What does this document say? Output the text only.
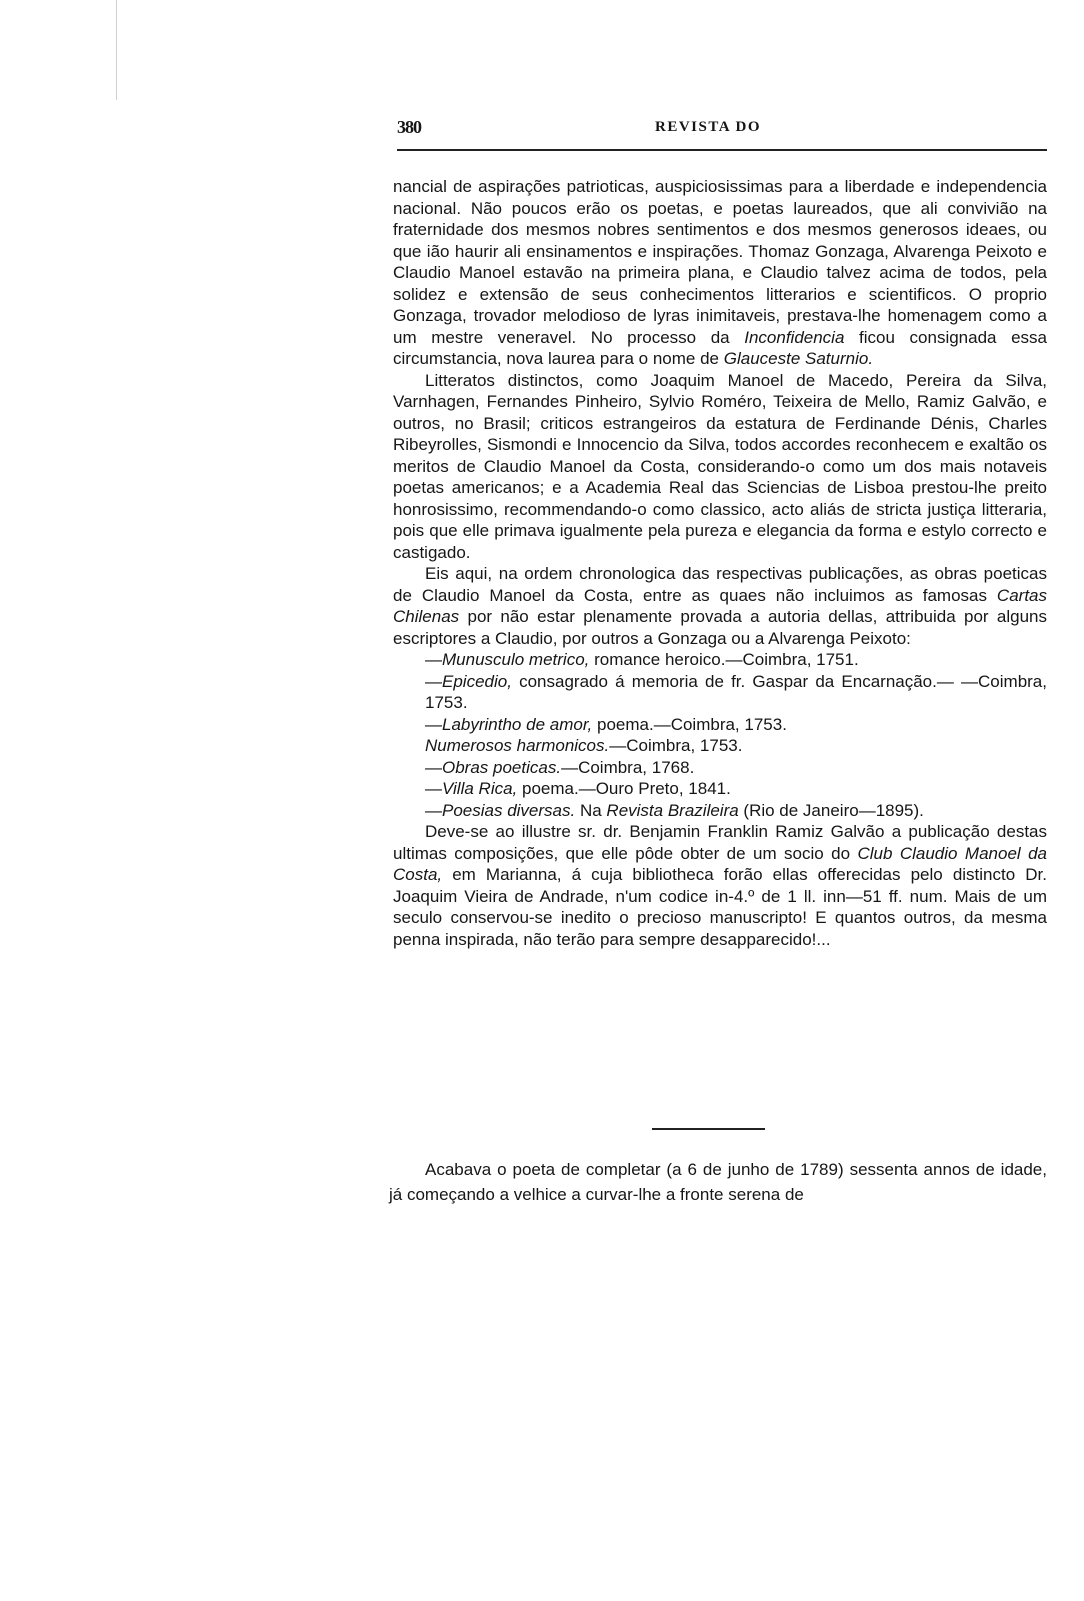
380	REVISTA DO

nancial de aspirações patrioticas, auspiciosissimas para a liberdade e independencia nacional. Não poucos erão os poetas, e poetas laureados, que ali convivião na fraternidade dos mesmos nobres sentimentos e dos mesmos generosos ideaes, ou que ião haurir ali ensinamentos e inspirações. Thomaz Gonzaga, Alvarenga Peixoto e Claudio Manoel estavão na primeira plana, e Claudio talvez acima de todos, pela solidez e extensão de seus conhecimentos litterarios e scientificos. O proprio Gonzaga, trovador melodioso de lyras inimitaveis, prestava-lhe homenagem como a um mestre veneravel. No processo da Inconfidencia ficou consignada essa circumstancia, nova laurea para o nome de Glauceste Saturnio.

Litteratos distinctos, como Joaquim Manoel de Macedo, Pereira da Silva, Varnhagen, Fernandes Pinheiro, Sylvio Roméro, Teixeira de Mello, Ramiz Galvão, e outros, no Brasil; criticos estrangeiros da estatura de Ferdinande Dénis, Charles Ribeyrolles, Sismondi e Innocencio da Silva, todos accordes reconhecem e exaltão os meritos de Claudio Manoel da Costa, considerando-o como um dos mais notaveis poetas americanos; e a Academia Real das Sciencias de Lisboa prestou-lhe preito honrosissimo, recommendando-o como classico, acto aliás de stricta justiça litteraria, pois que elle primava igualmente pela pureza e elegancia da forma e estylo correcto e castigado.

Eis aqui, na ordem chronologica das respectivas publicações, as obras poeticas de Claudio Manoel da Costa, entre as quaes não incluimos as famosas Cartas Chilenas por não estar plenamente provada a autoria dellas, attribuida por alguns escriptores a Claudio, por outros a Gonzaga ou a Alvarenga Peixoto:

—Munusculo metrico, romance heroico.—Coimbra, 1751.

—Epicedio, consagrado á memoria de fr. Gaspar da Encarnação.— —Coimbra, 1753.

—Labyrintho de amor, poema.—Coimbra, 1753.

Numerosos harmonicos.—Coimbra, 1753.

—Obras poeticas.—Coimbra, 1768.

—Villa Rica, poema.—Ouro Preto, 1841.

—Poesias diversas. Na Revista Brazileira (Rio de Janeiro—1895).

Deve-se ao illustre sr. dr. Benjamin Franklin Ramiz Galvão a publicação destas ultimas composições, que elle pôde obter de um socio do Club Claudio Manoel da Costa, em Marianna, á cuja bibliotheca forão ellas offerecidas pelo distincto Dr. Joaquim Vieira de Andrade, n'um codice in-4.º de 1 ll. inn—51 ff. num. Mais de um seculo conservou-se inedito o precioso manuscripto! E quantos outros, da mesma penna inspirada, não terão para sempre desapparecido!...

Acabava o poeta de completar (a 6 de junho de 1789) sessenta annos de idade, já começando a velhice a curvar-lhe a fronte serena de
